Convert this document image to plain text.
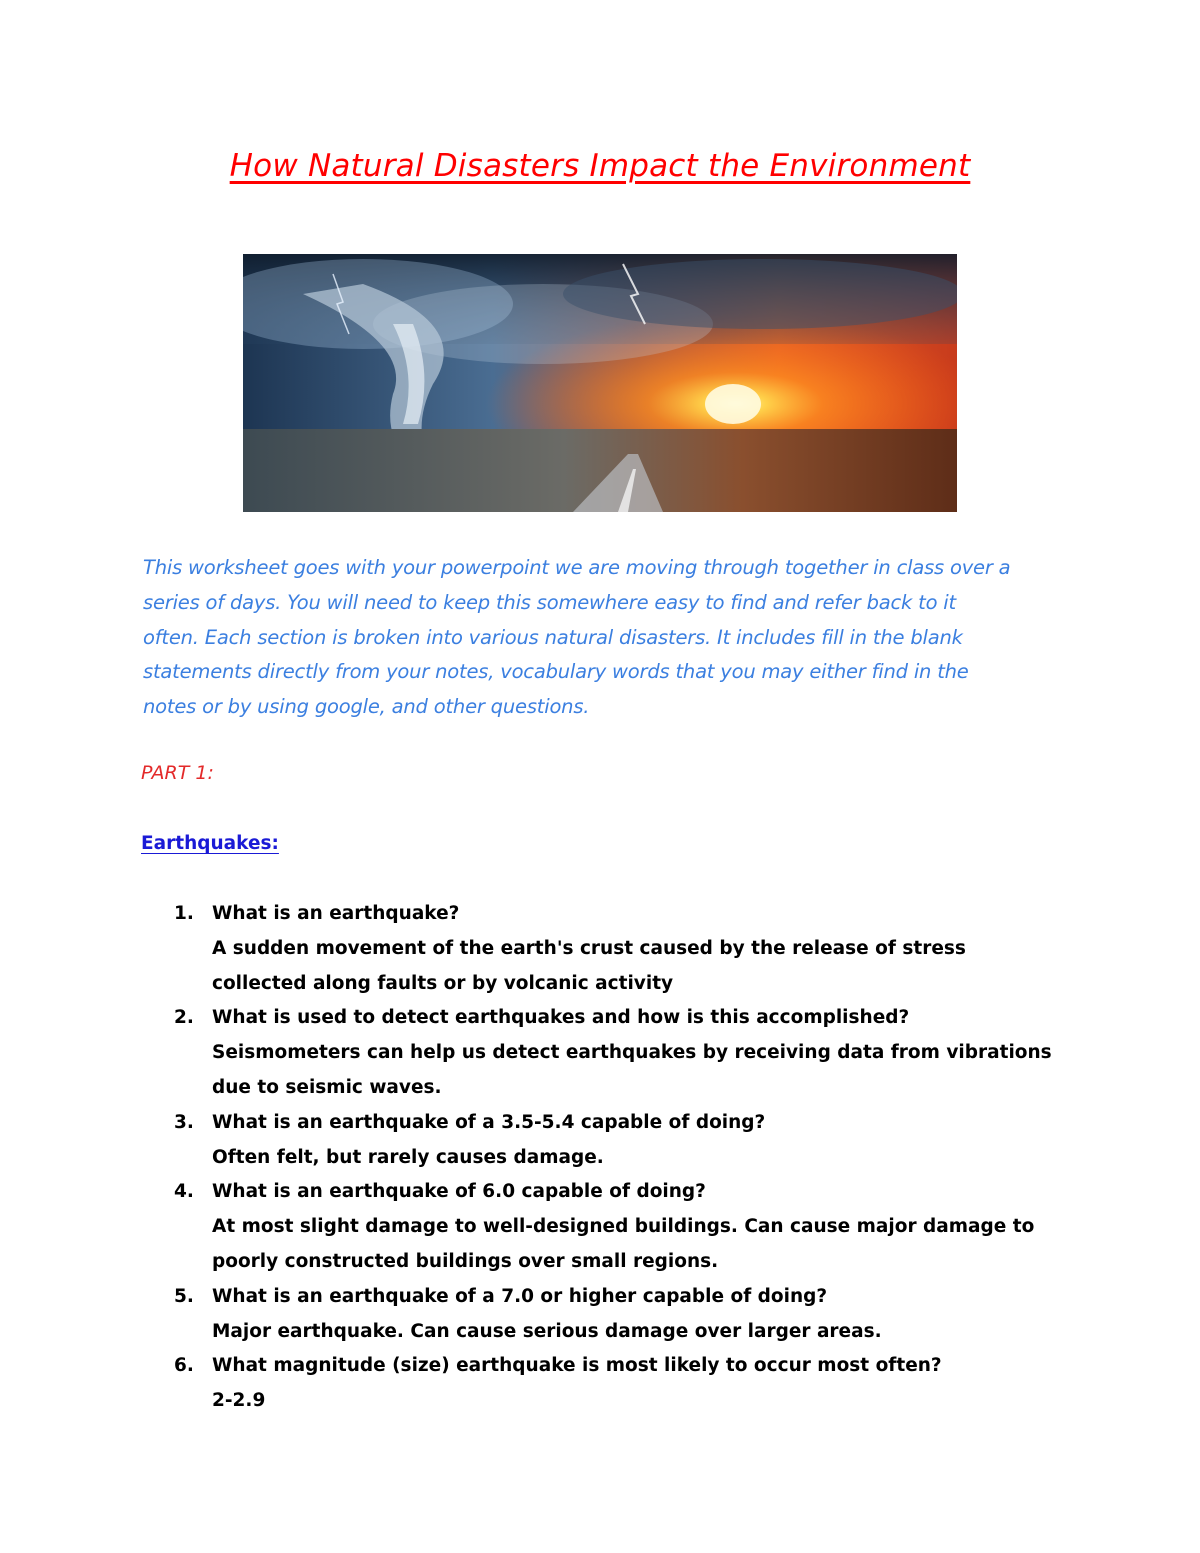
How Natural Disasters Impact the Environment
This worksheet goes with your powerpoint we are moving through together in class over a
series of days. You will need to keep this somewhere easy to find and refer back to it
often. Each section is broken into various natural disasters. It includes fill in the blank
statements directly from your notes, vocabulary words that you may either find in the
notes or by using google, and other questions.
PART 1:
Earthquakes:
1. What is an earthquake?
A sudden movement of the earth's crust caused by the release of stress
collected along faults or by volcanic activity
2. What is used to detect earthquakes and how is this accomplished?
Seismometers can help us detect earthquakes by receiving data from vibrations
due to seismic waves.
3. What is an earthquake of a 3.5-5.4 capable of doing?
Often felt, but rarely causes damage.
4. What is an earthquake of 6.0 capable of doing?
At most slight damage to well-designed buildings. Can cause major damage to
poorly constructed buildings over small regions.
5. What is an earthquake of a 7.0 or higher capable of doing?
Major earthquake. Can cause serious damage over larger areas.
6. What magnitude (size) earthquake is most likely to occur most often?
2-2.9
